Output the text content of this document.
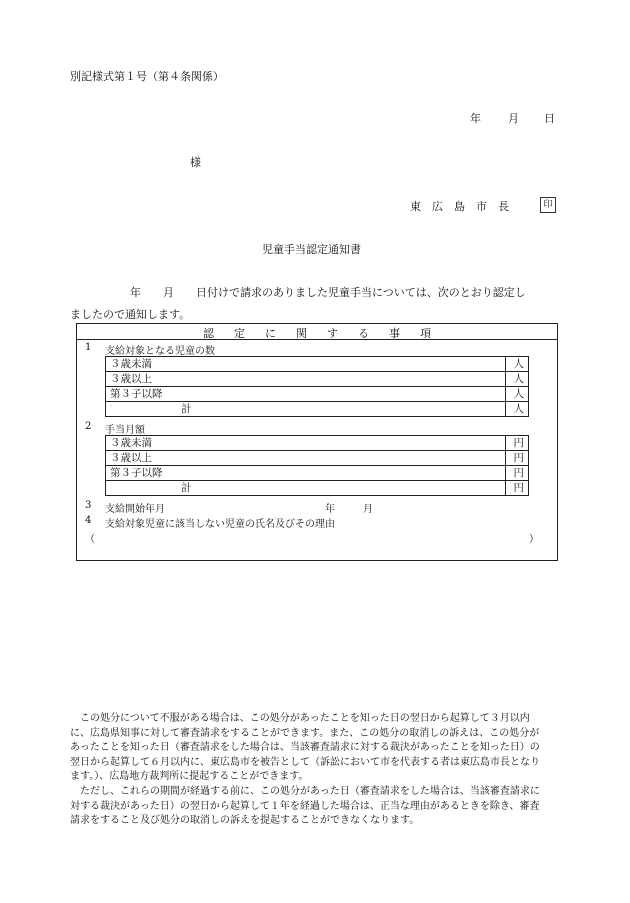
別記様式第１号（第４条関係）
年 月 日
様
東　広　島　市　長	印
児童手当認定通知書
年　　月　　日付けで請求のありました児童手当については、次のとおり認定し
ましたので通知します。
認定に関する事項
1 支給対象となる児童の数
３歳未満	人
３歳以上	人
第３子以降	人
計	人
2 手当月額
３歳未満	円
３歳以上	円
第３子以降	円
計	円
3 支給開始年月	年	月
4 支給対象児童に該当しない児童の氏名及びその理由
（	）
　この処分について不服がある場合は、この処分があったことを知った日の翌日から起算して３月以内
に、広島県知事に対して審査請求をすることができます。また、この処分の取消しの訴えは、この処分が
あったことを知った日（審査請求をした場合は、当該審査請求に対する裁決があったことを知った日）の
翌日から起算して６月以内に、東広島市を被告として（訴訟において市を代表する者は東広島市長となり
ます。）、広島地方裁判所に提起することができます。
　ただし、これらの期間が経過する前に、この処分があった日（審査請求をした場合は、当該審査請求に
対する裁決があった日）の翌日から起算して１年を経過した場合は、正当な理由があるときを除き、審査
請求をすること及び処分の取消しの訴えを提起することができなくなります。
